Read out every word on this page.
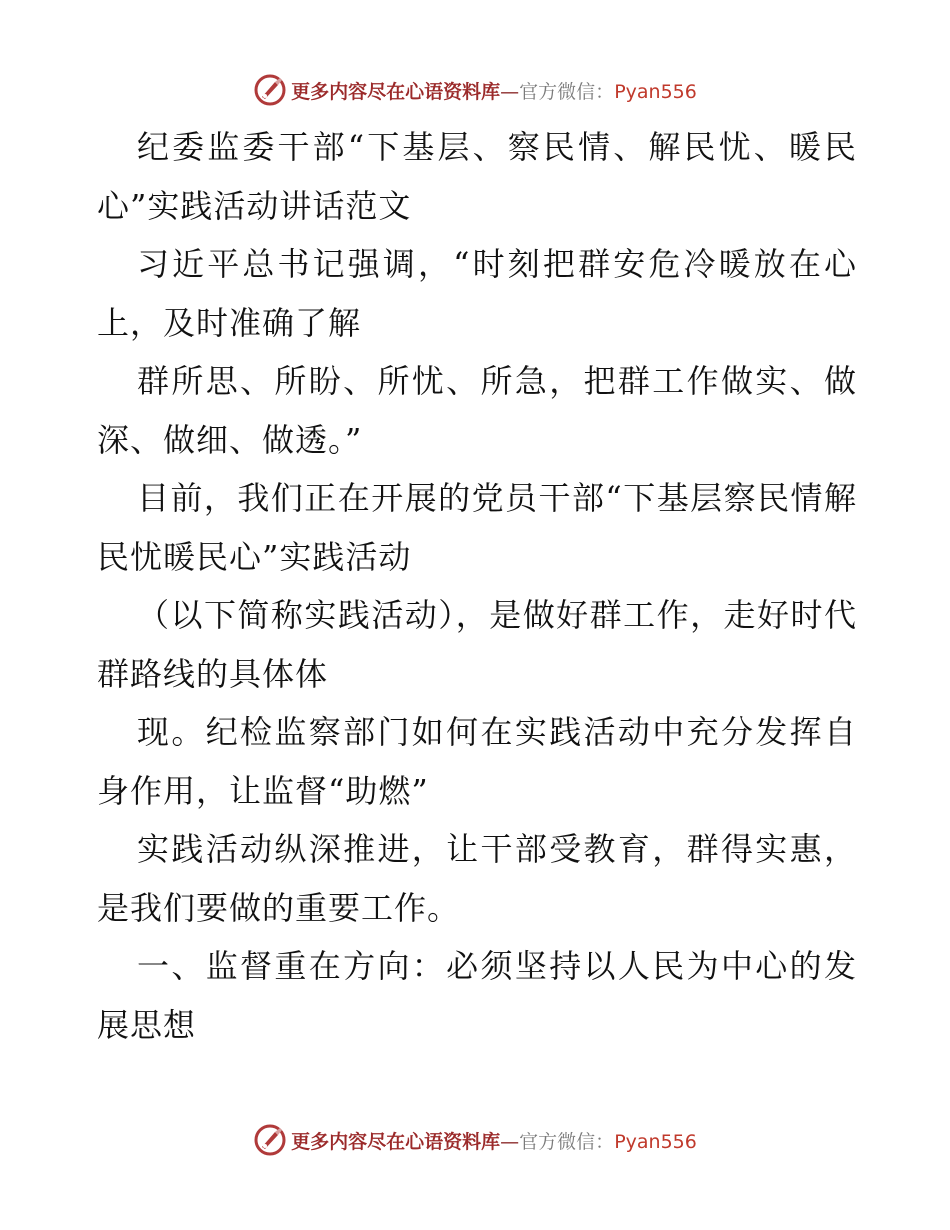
更多内容尽在心语资料库—官方微信：Pyan556

纪委监委干部“下基层、察民情、解民忧、暖民心”实践活动讲话范文

习近平总书记强调，“时刻把群安危冷暖放在心上，及时准确了解

群所思、所盼、所忧、所急，把群工作做实、做深、做细、做透。”

目前，我们正在开展的党员干部“下基层察民情解民忧暖民心”实践活动

（以下简称实践活动），是做好群工作，走好时代群路线的具体体

现。纪检监察部门如何在实践活动中充分发挥自身作用，让监督“助燃”

实践活动纵深推进，让干部受教育，群得实惠，是我们要做的重要工作。

一、监督重在方向：必须坚持以人民为中心的发展思想

更多内容尽在心语资料库—官方微信：Pyan556
